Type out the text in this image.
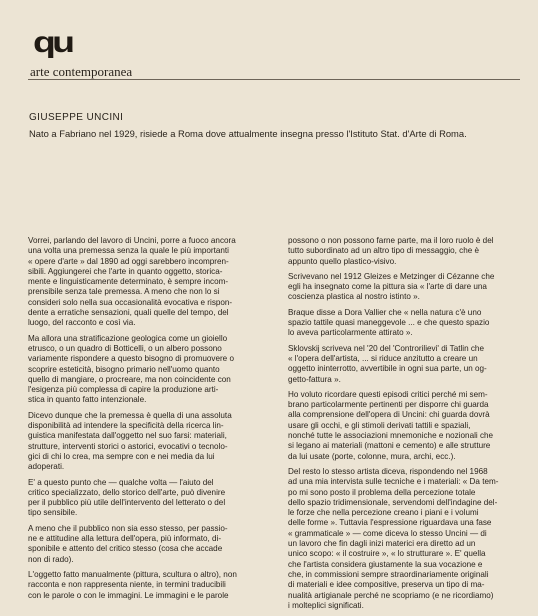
qu
arte contemporanea
GIUSEPPE UNCINI
Nato a Fabriano nel 1929, risiede a Roma dove attualmente insegna presso l'Istituto Stat. d'Arte di Roma.

Vorrei, parlando del lavoro di Uncini, porre a fuoco ancora
una volta una premessa senza la quale le più importanti
« opere d'arte » dal 1890 ad oggi sarebbero incompren-
sibili. Aggiungerei che l'arte in quanto oggetto, storica-
mente e linguisticamente determinato, è sempre incom-
prensibile senza tale premessa. A meno che non lo si
consideri solo nella sua occasionalità evocativa e rispon-
dente a erratiche sensazioni, quali quelle del tempo, del
luogo, del racconto e così via.

Ma allora una stratificazione geologica come un gioiello
etrusco, o un quadro di Botticelli, o un albero possono
variamente rispondere a questo bisogno di promuovere o
scoprire esteticità, bisogno primario nell'uomo quanto
quello di mangiare, o procreare, ma non coincidente con
l'esigenza più complessa di capire la produzione arti-
stica in quanto fatto intenzionale.

Dicevo dunque che la premessa è quella di una assoluta
disponibilità ad intendere la specificità della ricerca lin-
guistica manifestata dall'oggetto nel suo farsi: materiali,
strutture, interventi storici o astorici, evocativi o tecnolo-
gici di chi lo crea, ma sempre con e nei media da lui
adoperati.

E' a questo punto che — qualche volta — l'aiuto del
critico specializzato, dello storico dell'arte, può divenire
per il pubblico più utile dell'intervento del letterato o del
tipo sensibile.

A meno che il pubblico non sia esso stesso, per passio-
ne e attitudine alla lettura dell'opera, più informato, di-
sponibile e attento del critico stesso (cosa che accade
non di rado).

L'oggetto fatto manualmente (pittura, scultura o altro), non
racconta e non rappresenta niente, in termini traducibili
con le parole o con le immagini. Le immagini e le parole

possono o non possono farne parte, ma il loro ruolo è del
tutto subordinato ad un altro tipo di messaggio, che è
appunto quello plastico-visivo.

Scrivevano nel 1912 Gleizes e Metzinger di Cézanne che
egli ha insegnato come la pittura sia « l'arte di dare una
coscienza plastica al nostro istinto ».

Braque disse a Dora Vallier che « nella natura c'è uno
spazio tattile quasi maneggevole ... e che questo spazio
lo aveva particolarmente attirato ».

Sklovskij scriveva nel '20 del 'Controrilievi' di Tatlin che
« l'opera dell'artista, ... si riduce anzitutto a creare un
oggetto ininterrotto, avvertibile in ogni sua parte, un og-
getto-fattura ».

Ho voluto ricordare questi episodi critici perché mi sem-
brano particolarmente pertinenti per disporre chi guarda
alla comprensione dell'opera di Uncini: chi guarda dovrà
usare gli occhi, e gli stimoli derivati tattili e spaziali,
nonché tutte le associazioni mnemoniche e nozionali che
si legano ai materiali (mattoni e cemento) e alle strutture
da lui usate (porte, colonne, mura, archi, ecc.).

Del resto lo stesso artista diceva, rispondendo nel 1968
ad una mia intervista sulle tecniche e i materiali: « Da tem-
po mi sono posto il problema della percezione totale
dello spazio tridimensionale, servendomi dell'indagine del-
le forze che nella percezione creano i piani e i volumi
delle forme ». Tuttavia l'espressione riguardava una fase
« grammaticale » — come diceva lo stesso Uncini — di
un lavoro che fin dagli inizi materici era diretto ad un
unico scopo: « il costruire », « lo strutturare ». E' quella
che l'artista considera giustamente la sua vocazione e
che, in commissioni sempre straordinariamente originali
di materiali e idee compositive, preserva un tipo di ma-
nualità artigianale perché ne scopriamo (e ne ricordiamo)
i molteplici significati.
